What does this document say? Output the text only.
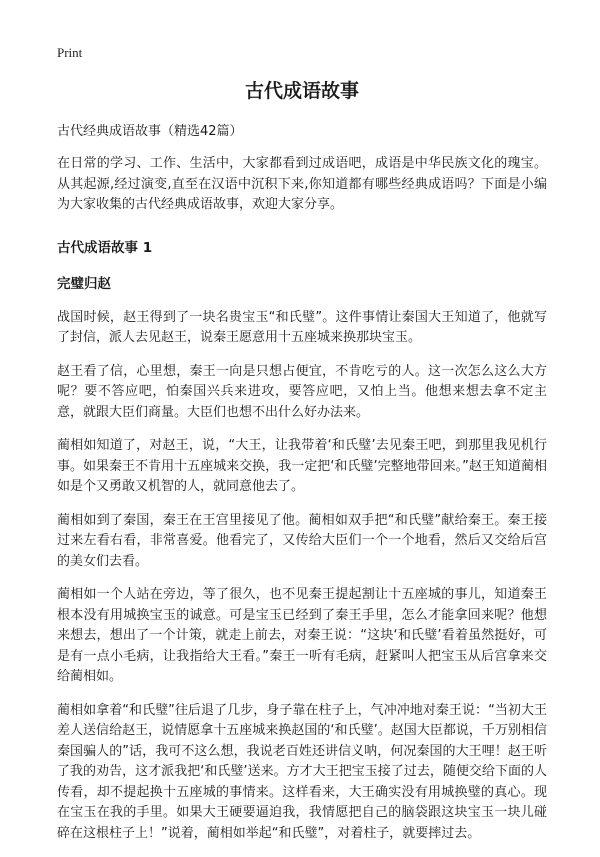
Print
古代成语故事
古代经典成语故事（精选42篇）

在日常的学习、工作、生活中，大家都看到过成语吧，成语是中华民族文化的瑰宝。从其起源,经过演变,直至在汉语中沉积下来,你知道都有哪些经典成语吗？下面是小编为大家收集的古代经典成语故事，欢迎大家分享。

古代成语故事 1
完璧归赵

战国时候，赵王得到了一块名贵宝玉“和氏璧”。这件事情让秦国大王知道了，他就写了封信，派人去见赵王，说秦王愿意用十五座城来换那块宝玉。

赵王看了信，心里想，秦王一向是只想占便宜，不肯吃亏的人。这一次怎么这么大方呢？要不答应吧，怕秦国兴兵来进攻，要答应吧，又怕上当。他想来想去拿不定主意，就跟大臣们商量。大臣们也想不出什么好办法来。

蔺相如知道了，对赵王，说，“大王，让我带着‘和氏璧’去见秦王吧，到那里我见机行事。如果秦王不肯用十五座城来交换，我一定把‘和氏璧’完整地带回来。”赵王知道蔺相如是个又勇敢又机智的人，就同意他去了。

蔺相如到了秦国，秦王在王宫里接见了他。蔺相如双手把“和氏璧”献给秦王。秦王接过来左看右看，非常喜爱。他看完了，又传给大臣们一个一个地看，然后又交给后宫的美女们去看。

蔺相如一个人站在旁边，等了很久，也不见秦王提起割让十五座城的事儿，知道秦王根本没有用城换宝玉的诚意。可是宝玉已经到了秦王手里，怎么才能拿回来呢？他想来想去，想出了一个计策，就走上前去，对秦王说：“这块‘和氏璧’看着虽然挺好，可是有一点小毛病，让我指给大王看。”秦王一听有毛病，赶紧叫人把宝玉从后宫拿来交给蔺相如。

蔺相如拿着“和氏璧”往后退了几步，身子靠在柱子上，气冲冲地对秦王说：“当初大王差人送信给赵王，说情愿拿十五座城来换赵国的‘和氏璧’。赵国大臣都说，千万别相信秦国骗人的”话，我可不这么想，我说老百姓还讲信义呐，何况秦国的大王哩！赵王听了我的劝告，这才派我把‘和氏璧’送来。方才大王把宝玉接了过去，随便交给下面的人传看，却不提起换十五座城的事情来。这样看来，大王确实没有用城换璧的真心。现在宝玉在我的手里。如果大王硬要逼迫我，我情愿把自己的脑袋跟这块宝玉一块儿碰碎在这根柱子上！”说着，蔺相如举起“和氏璧”，对着柱子，就要摔过去。
